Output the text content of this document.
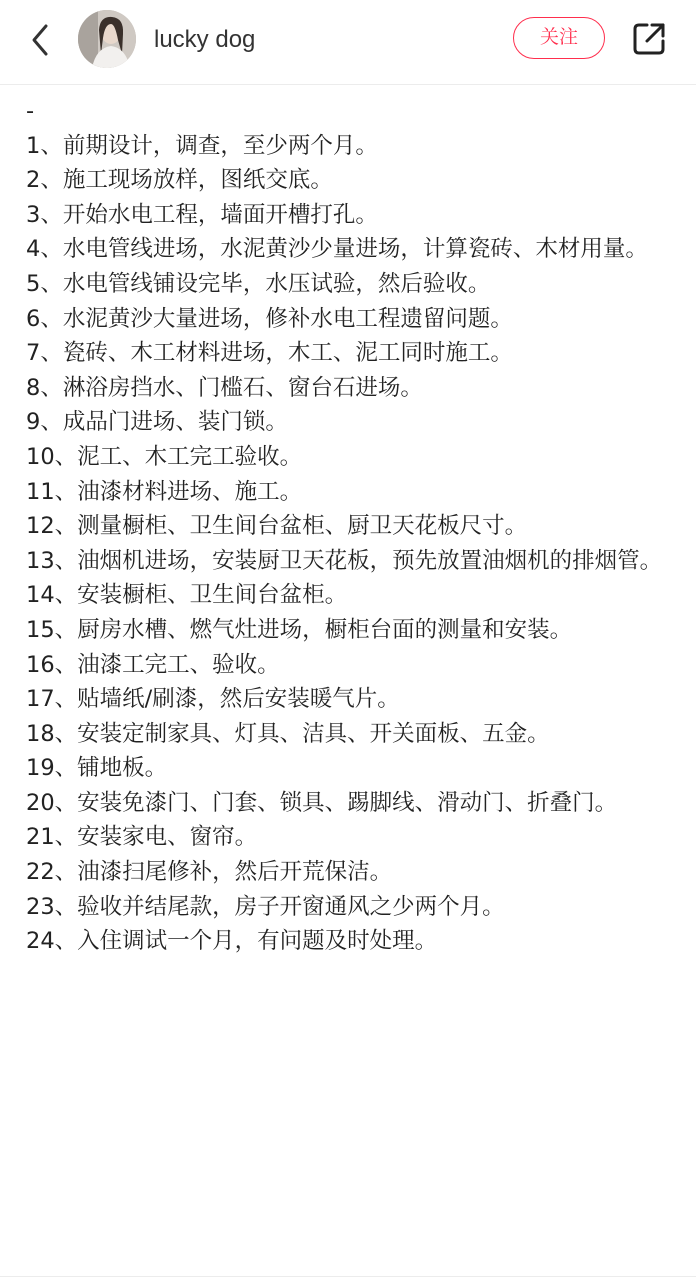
lucky dog	关注
-
1、前期设计，调查，至少两个月。
2、施工现场放样，图纸交底。
3、开始水电工程，墙面开槽打孔。
4、水电管线进场，水泥黄沙少量进场，计算瓷砖、木材用量。
5、水电管线铺设完毕，水压试验，然后验收。
6、水泥黄沙大量进场，修补水电工程遗留问题。
7、瓷砖、木工材料进场，木工、泥工同时施工。
8、淋浴房挡水、门槛石、窗台石进场。
9、成品门进场、装门锁。
10、泥工、木工完工验收。
11、油漆材料进场、施工。
12、测量橱柜、卫生间台盆柜、厨卫天花板尺寸。
13、油烟机进场，安装厨卫天花板，预先放置油烟机的排烟管。
14、安装橱柜、卫生间台盆柜。
15、厨房水槽、燃气灶进场，橱柜台面的测量和安装。
16、油漆工完工、验收。
17、贴墙纸/刷漆，然后安装暖气片。
18、安装定制家具、灯具、洁具、开关面板、五金。
19、铺地板。
20、安装免漆门、门套、锁具、踢脚线、滑动门、折叠门。
21、安装家电、窗帘。
22、油漆扫尾修补，然后开荒保洁。
23、验收并结尾款，房子开窗通风之少两个月。
24、入住调试一个月，有问题及时处理。
